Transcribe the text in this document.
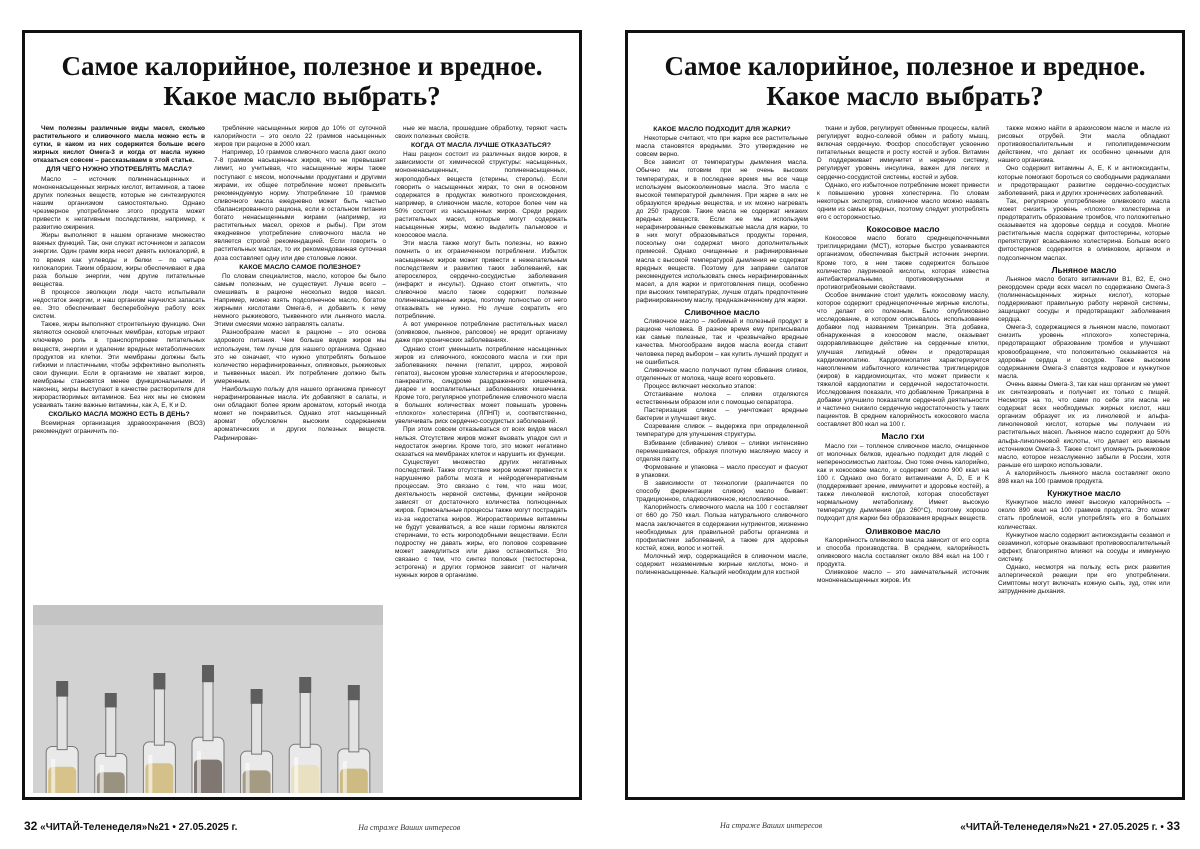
Самое калорийное, полезное и вредное.
Какое масло выбрать?

Чем полезны различные виды масел, сколько растительного и сливочного масла можно есть в сутки, в каком из них содержится больше всего жирных кислот Омега-3 и когда от масла нужно отказаться совсем – рассказываем в этой статье.

ДЛЯ ЧЕГО НУЖНО УПОТРЕБЛЯТЬ МАСЛА?

Масло – источник полиненасыщенных и мононенасыщенных жирных кислот, витаминов, а также других полезных веществ, которые не синтезируются нашим организмом самостоятельно. Однако чрезмерное употребление этого продукта может привести к негативным последствиям, например, к развитию ожирения.

Жиры выполняют в нашем организме множество важных функций. Так, они служат источником и запасом энергии. Один грамм жира несет девять килокалорий, в то время как углеводы и белки – по четыре килокалории. Таким образом, жиры обеспечивают в два раза больше энергии, чем другие питательные вещества.

В процессе эволюции люди часто испытывали недостаток энергии, и наш организм научился запасать ее. Это обеспечивает бесперебойную работу всех систем.

Также, жиры выполняют строительную функцию. Они являются основой клеточных мембран, которые играют ключевую роль в транспортировке питательных веществ, энергии и удалении вредных метаболических продуктов из клетки. Эти мембраны должны быть гибкими и пластичными, чтобы эффективно выполнять свои функции. Если в организме не хватает жиров, мембраны становятся менее функциональными. И наконец, жиры выступают в качестве растворителя для жирорастворимых витаминов. Без них мы не сможем усваивать такие важные витамины, как А, Е, К и D.

СКОЛЬКО МАСЛА МОЖНО ЕСТЬ В ДЕНЬ?

Всемирная организация здравоохранения (ВОЗ) рекомендует ограничить по-

требление насыщенных жиров до 10% от суточной калорийности – это около 22 граммов насыщенных жиров при рационе в 2000 ккал.

Например, 10 граммов сливочного масла дают около 7-8 граммов насыщенных жиров, что не превышает лимит, но учитывая, что насыщенные жиры также поступают с мясом, молочными продуктами и другими жирами, их общее потребление может превысить рекомендуемую норму. Употребление 10 граммов сливочного масла ежедневно может быть частью сбалансированного рациона, если в остальном питании богато ненасыщенными жирами (например, из растительных масел, орехов и рыбы). При этом ежедневное употребление сливочного масла не является строгой рекомендацией. Если говорить о растительных маслах, то их рекомендованная суточная доза составляет одну или две столовые ложки.

КАКОЕ МАСЛО САМОЕ ПОЛЕЗНОЕ?

По словам специалистов, масло, которое бы было самым полезным, не существует. Лучше всего – смешивать в рационе несколько видов масел. Например, можно взять подсолнечное масло, богатое жирными кислотами Омега-6, и добавить к нему немного рыжикового, тыквенного или льняного масла. Этими смесями можно заправлять салаты.

Разнообразие масел в рационе – это основа здорового питания. Чем больше видов жиров мы используем, тем лучше для нашего организма. Однако это не означает, что нужно употреблять большое количество нерафинированных, оливковых, рыжиковых и тыквенных масел. Их потребление должно быть умеренным.

Наибольшую пользу для нашего организма принесут нерафинированные масла. Их добавляют в салаты, и они обладают более ярким ароматом, который иногда может не понравиться. Однако этот насыщенный аромат обусловлен высоким содержанием ароматических и других полезных веществ. Рафинирован-

ные же масла, прошедшие обработку, теряют часть своих полезных свойств.

КОГДА ОТ МАСЛА ЛУЧШЕ ОТКАЗАТЬСЯ?

Наш рацион состоит из различных видов жиров, в зависимости от химической структуры: насыщенных, мононенасыщенных, полиненасыщенных, жироподобных веществ (стерины, стеролы). Если говорить о насыщенных жирах, то они в основном содержатся в продуктах животного происхождения, например, в сливочном масле, которое более чем на 50% состоит из насыщенных жиров. Среди редких растительных масел, которые могут содержать насыщенные жиры, можно выделить пальмовое и кокосовое масла.

Эти масла также могут быть полезны, но важно помнить о их ограниченном потреблении. Избыток насыщенных жиров может привести к нежелательным последствиям и развитию таких заболеваний, как атеросклероз, сердечно-сосудистые заболевания (инфаркт и инсульт). Однако стоит отметить, что сливочное масло также содержит полезные полиненасыщенные жиры, поэтому полностью от него отказывать не нужно. Но лучше сократить его потребление.

А вот умеренное потребление растительных масел (оливковое, льняное, рапсовое) не вредит организму даже при хронических заболеваниях.

Однако стоит уменьшить потребление насыщенных жиров из сливочного, кокосового масла и гхи при заболеваниях печени (гепатит, цирроз, жировой гепатоз), высоком уровне холестерина и атеросклерозе, панкреатите, синдроме раздраженного кишечника, диарее и воспалительных заболеваниях кишечника. Кроме того, регулярное употребление сливочного масла в больших количествах может повышать уровень «плохого» холестерина (ЛПНП) и, соответственно, увеличивать риск сердечно-сосудистых заболеваний.

При этом совсем отказываться от всех видов масел нельзя. Отсутствие жиров может вызвать упадок сил и недостаток энергии. Кроме того, это может негативно сказаться на мембранах клеток и нарушить их функции.

Существует множество других негативных последствий. Также отсутствие жиров может привести к нарушению работы мозга и нейродегенеративным процессам. Это связано с тем, что наш мозг, деятельность нервной системы, функции нейронов зависят от достаточного количества полноценных жиров. Гормональные процессы также могут пострадать из-за недостатка жиров. Жирорастворимые витамины не будут усваиваться, а все наши гормоны являются стеринами, то есть жироподобными веществами. Если подростку не давать жиры, его половое созревание может замедлиться или даже остановиться. Это связано с тем, что синтез половых (тестостерона, эстрогена) и других гормонов зависит от наличия нужных жиров в организме.

Самое калорийное, полезное и вредное.
Какое масло выбрать?
КАКОЕ МАСЛО ПОДХОДИТ ДЛЯ ЖАРКИ?

Некоторые считают, что при жарке все растительные масла становятся вредными. Это утверждение не совсем верно.

Все зависит от температуры дымления масла. Обычно мы готовим при не очень высоких температурах, и в последнее время мы все чаще используем высокоолеиновые масла. Это масла с высокой температурой дымления. При жарке в них не образуются вредные вещества, и их можно нагревать до 250 градусов. Такие масла не содержат никаких вредных веществ. Если же мы используем нерафинированные свежевыжатые масла для жарки, то в них могут образовываться продукты горения, поскольку они содержат много дополнительных примесей. Однако очищенные и рафинированные масла с высокой температурой дымления не содержат вредных веществ. Поэтому для заправки салатов рекомендуется использовать смесь нерафинированных масел, а для жарки и приготовления пищи, особенно при высоких температурах, лучше отдать предпочтение рафинированному маслу, предназначенному для жарки.

Сливочное масло

Сливочное масло – любимый и полезный продукт в рационе человека. В разное время ему приписывали как самые полезные, так и чрезвычайно вредные качества. Многообразие видов масла всегда ставит человека перед выбором – как купить лучший продукт и не ошибиться.

Сливочное масло получают путем сбивания сливок, отделенных от молока, чаще всего коровьего.

Процесс включает несколько этапов:

Отстаивание молока – сливки отделяются естественным образом или с помощью сепаратора.

Пастеризация сливок – уничтожает вредные бактерии и улучшает вкус.

Созревание сливок – выдержка при определенной температуре для улучшения структуры.

Взбивание (сбивание) сливок – сливки интенсивно перемешиваются, образуя плотную масляную массу и отделяя пахту.

Формование и упаковка – масло прессуют и фасуют в упаковки.

В зависимости от технологии (различается по способу ферментации сливок) масло бывает: традиционное, сладкосливочное, кислосливочное.

Калорийность сливочного масла на 100 г составляет от 660 до 750 ккал. Польза натурального сливочного масла заключается в содержании нутриентов, жизненно необходимых для правильной работы организма и профилактики заболеваний, а также для здоровья костей, кожи, волос и ногтей.

Молочный жир, содержащийся в сливочном масле, содержит незаменимые жирные кислоты, моно- и полиненасыщенные. Кальций необходим для костной

ткани и зубов, регулирует обменные процессы, калий регулирует водно-солевой обмен и работу мышц, включая сердечную. Фосфор способствует усвоению питательных веществ и росту костей и зубов. Витамин D поддерживает иммунитет и нервную систему, регулирует уровень инсулина, важен для легких и сердечно-сосудистой системы, костей и зубов.

Однако, его избыточное потребление может привести к повышению уровня холестерина. По словам некоторых экспертов, сливочное масло можно назвать одним из самых вредных, поэтому следует употреблять его с осторожностью.

Кокосовое масло

Кокосовое масло богато среднецепочечными триглицеридами (МСТ), которые быстро усваиваются организмом, обеспечивая быстрый источник энергии. Кроме того, в нем также содержится большое количество лауриновой кислоты, которая известна антибактериальными, противовирусными и противогрибковыми свойствами.

Особое внимание стоит уделить кокосовому маслу, которое содержит среднецепочечные жирные кислоты, что делает его полезным. Было опубликовано исследование, в котором описывалось использование добавки под названием Трикаприн. Эта добавка, обнаруженная в кокосовом масле, оказывает оздоравливающее действие на сердечные клетки, улучшая липидный обмен и предотвращая кардиомиопатию. Кардиомиопатия характеризуется накоплением избыточного количества триглицеридов (жиров) в кардиомиоцитах, что может привести к тяжелой кардиопатии и сердечной недостаточности. Исследования показали, что добавление Трикаприна в добавки улучшило показатели сердечной деятельности и частично снизило сердечную недостаточность у таких пациентов. В среднем калорийность кокосового масла составляет 800 ккал на 100 г.

Масло гхи

Масло гхи – топленое сливочное масло, очищенное от молочных белков, идеально подходит для людей с непереносимостью лактозы. Оно тоже очень калорийно, как и кокосовое масло, и содержит около 900 ккал на 100 г. Однако оно богато витаминами А, D, E и K (поддерживает зрение, иммунитет и здоровье костей), а также линолевой кислотой, которая способствует нормальному метаболизму. Имеет высокую температуру дымления (до 260°C), поэтому хорошо подходит для жарки без образования вредных веществ.

Оливковое масло

Калорийность оливкового масла зависит от его сорта и способа производства. В среднем, калорийность оливкового масла составляет около 884 ккал на 100 г продукта.

Оливковое масло – это замечательный источник мононенасыщенных жиров. Их

также можно найти в арахисовом масле и масле из рисовых отрубей. Эти масла обладают противовоспалительным и гиполипидемическим действием, что делает их особенно ценными для нашего организма.

Оно содержит витамины А, Е, К и антиоксиданты, которые помогают бороться со свободными радикалами и предотвращают развитие сердечно-сосудистых заболеваний, рака и других хронических заболеваний.

Так, регулярное употребление оливкового масла может снизить уровень «плохого» холестерина и предотвратить образование тромбов, что положительно сказывается на здоровье сердца и сосудов. Многие растительные масла содержат фитостерины, которые препятствуют всасыванию холестерина. Больше всего фитостеринов содержится в оливковом, арганом и подсолнечном маслах.

Льняное масло

Льняное масло богато витаминами В1, В2, Е, оно рекордсмен среди всех масел по содержанию Омега-3 (полиненасыщенных жирных кислот), которые поддерживают правильную работу нервной системы, защищают сосуды и предотвращают заболевания сердца.

Омега-3, содержащиеся в льняном масле, помогают снизить уровень «плохого» холестерина, предотвращают образование тромбов и улучшают кровообращение, что положительно сказывается на здоровье сердца и сосудов. Также высоким содержанием Омега-3 славятся кедровое и кунжутное масла.

Очень важны Омега-3, так как наш организм не умеет их синтезировать и получает их только с пищей. Несмотря на то, что сами по себе эти масла не содержат всех необходимых жирных кислот, наш организм образует их из линолевой и альфа-линоленовой кислот, которые мы получаем из растительных масел. Льняное масло содержит до 50% альфа-линоленовой кислоты, что делает его важным источником Омега-3. Также стоит упомянуть рыжиковое масло, которое незаслуженно забыли в России, хотя раньше его широко использовали.

А калорийность льняного масла составляет около 898 ккал на 100 граммов продукта.

Кунжутное масло

Кунжутное масло имеет высокую калорийность – около 890 ккал на 100 граммов продукта. Это может стать проблемой, если употреблять его в больших количествах.

Кунжутное масло содержит антиоксиданты сезамол и сезаминол, которые оказывают противовоспалительный эффект, благоприятно влияют на сосуды и иммунную систему.

Однако, несмотря на пользу, есть риск развития аллергической реакции при его употреблении. Симптомы могут включать кожную сыпь, зуд, отек или затруднение дыхания.

32 «ЧИТАЙ-Теленеделя»№21 • 27.05.2025 г.	На страже Ваших интересов	На страже Ваших интересов	«ЧИТАЙ-Теленеделя»№21 • 27.05.2025 г. • 33
